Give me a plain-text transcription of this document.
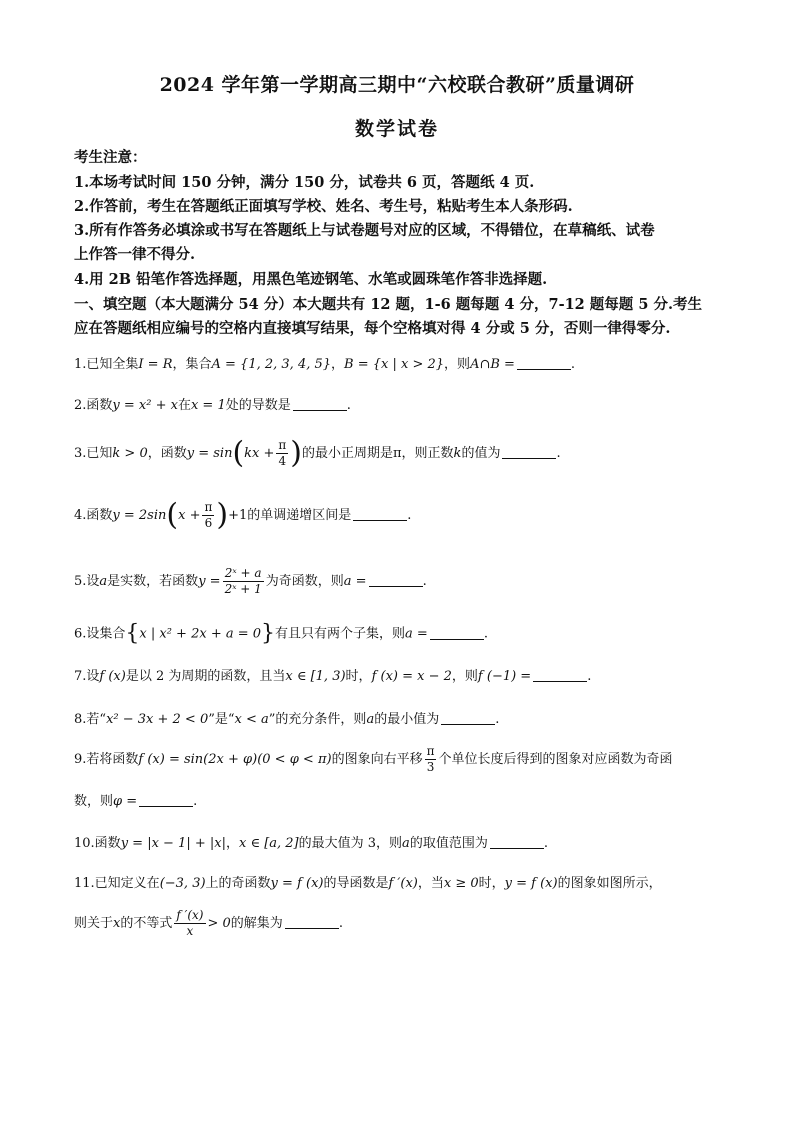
2024 学年第一学期高三期中“六校联合教研”质量调研
数学试卷
考生注意：
1.本场考试时间 150 分钟，满分 150 分，试卷共 6 页，答题纸 4 页.
2.作答前，考生在答题纸正面填写学校、姓名、考生号，粘贴考生本人条形码.
3.所有作答务必填涂或书写在答题纸上与试卷题号对应的区域，不得错位，在草稿纸、试卷
上作答一律不得分.
4.用 2B 铅笔作答选择题，用黑色笔迹钢笔、水笔或圆珠笔作答非选择题.
一、填空题（本大题满分 54 分）本大题共有 12 题，1-6 题每题 4 分，7-12 题每题 5 分.考生
应在答题纸相应编号的空格内直接填写结果，每个空格填对得 4 分或 5 分，否则一律得零分.
1.已知全集I = R，集合A = {1, 2, 3, 4, 5}，B = {x | x > 2}，则A∩B =	.
2.函数y = x² + x在x = 1处的导数是	.
3.已知k > 0，函数$y = \sin(kx + \frac{\pi}{4}$ )的最小正周期是π，则正数k的值为	.
4.函数$y = 2\sin(x + \frac{\pi}{6} )+1$的单调递增区间是	.
5.设a是实数，若函数$y = \frac{\text{2ˣ + a}}{\text{2ˣ + 1}}$ 为奇函数，则a =	.
6.设集合{x | x² + 2x + a = 0}有且只有两个子集，则a =	.
7.设f (x)是以 2 为周期的函数，且当x ∈ [1, 3)时，f (x) = x − 2，则f (−1) =	.
8.若“x² − 3x + 2 < 0”是“x < a”的充分条件，则a的最小值为	.
9.若将函数f (x) = sin(2x + φ)(0 < φ < π)的图象向右平移 $\frac{\pi}{3}$ 个单位长度后得到的图象对应函数为奇函
数，则φ =	.
10.函数y = |x − 1| + |x|，x ∈ [a, 2]的最大值为 3，则a的取值范围为	.
11.已知定义在(−3, 3)上的奇函数y = f (x)的导函数是f ′(x)，当x ≥ 0时，y = f (x)的图象如图所示，
则关于x的不等式 $\frac{f '(x)}{x} > 0$的解集为	.
